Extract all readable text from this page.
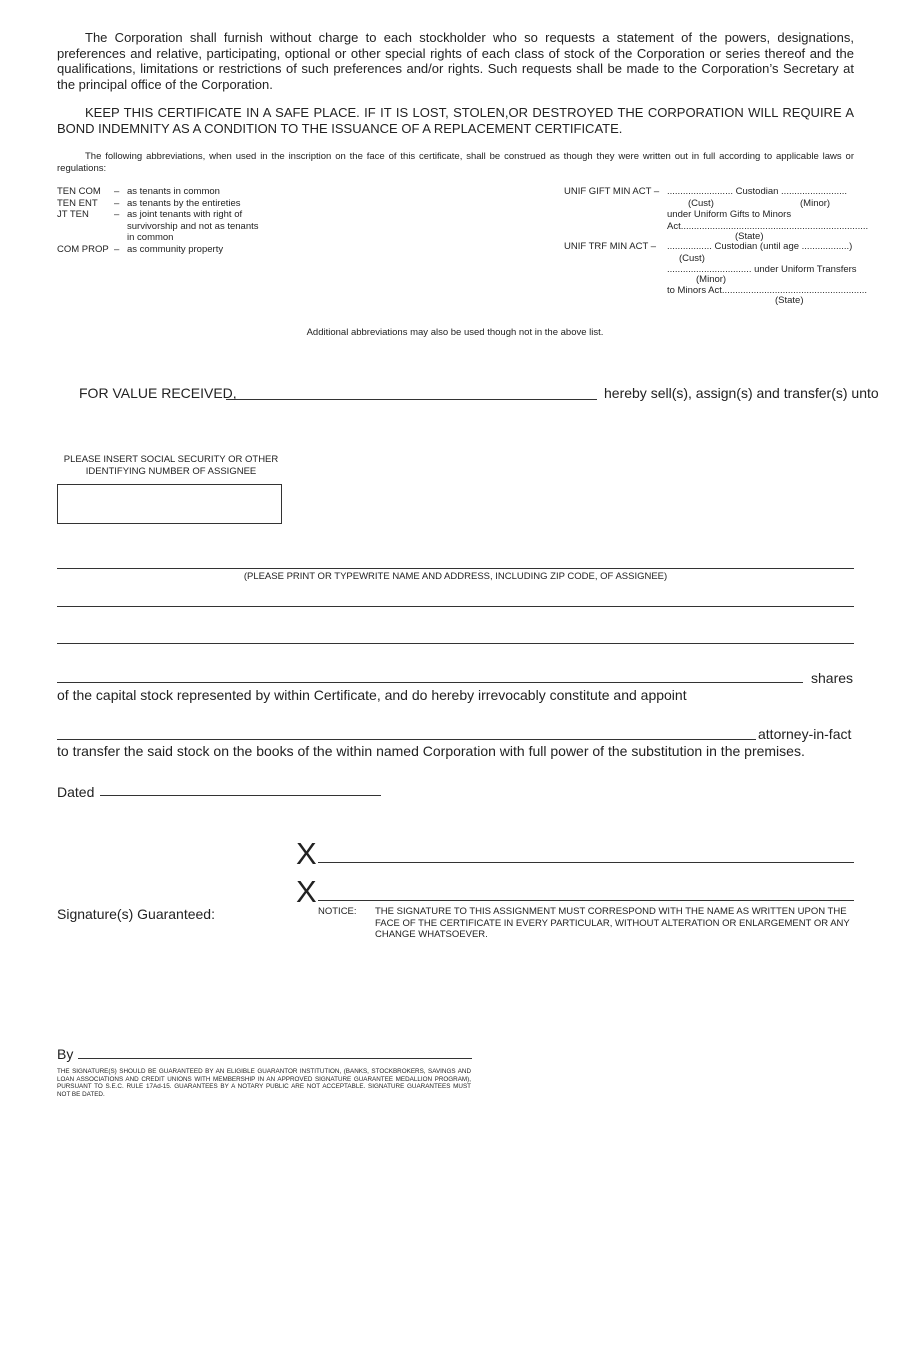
The Corporation shall furnish without charge to each stockholder who so requests a statement of the powers, designations, preferences and relative, participating, optional or other special rights of each class of stock of the Corporation or series thereof and the qualifications, limitations or restrictions of such preferences and/or rights. Such requests shall be made to the Corporation’s Secretary at the principal office of the Corporation.
KEEP THIS CERTIFICATE IN A SAFE PLACE. IF IT IS LOST, STOLEN,OR DESTROYED THE CORPORATION WILL REQUIRE A BOND INDEMNITY AS A CONDITION TO THE ISSUANCE OF A REPLACEMENT CERTIFICATE.
The following abbreviations, when used in the inscription on the face of this certificate, shall be construed as though they were written out in full according to applicable laws or regulations:
TEN COM – as tenants in common
TEN ENT – as tenants by the entireties
JT TEN	– as joint tenants with right of
survivorship and not as tenants
in common
COM PROP – as community property
UNIF GIFT MIN ACT – ......................... Custodian .........................
(Cust)	(Minor)
under Uniform Gifts to Minors
Act.......................................................................
(State)
UNIF TRF MIN ACT – ................. Custodian (until age ..................)
(Cust)
................................ under Uniform Transfers
(Minor)
to Minors Act.......................................................
(State)
Additional abbreviations may also be used though not in the above list.
FOR VALUE RECEIVED,	hereby sell(s), assign(s) and transfer(s) unto
PLEASE INSERT SOCIAL SECURITY OR OTHER
IDENTIFYING NUMBER OF ASSIGNEE
(PLEASE PRINT OR TYPEWRITE NAME AND ADDRESS, INCLUDING ZIP CODE, OF ASSIGNEE)
shares
of the capital stock represented by within Certificate, and do hereby irrevocably constitute and appoint
attorney-in-fact
to transfer the said stock on the books of the within named Corporation with full power of the substitution in the premises.
Dated
X
X
Signature(s) Guaranteed:	NOTICE: THE SIGNATURE TO THIS ASSIGNMENT MUST CORRESPOND WITH THE NAME AS WRITTEN UPON THE FACE OF THE CERTIFICATE IN EVERY PARTICULAR, WITHOUT ALTERATION OR ENLARGEMENT OR ANY CHANGE WHATSOEVER.
By
THE SIGNATURE(S) SHOULD BE GUARANTEED BY AN ELIGIBLE GUARANTOR INSTITUTION, (BANKS, STOCKBROKERS, SAVINGS AND LOAN ASSOCIATIONS AND CREDIT UNIONS WITH MEMBERSHIP IN AN APPROVED SIGNATURE GUARANTEE MEDALLION PROGRAM), PURSUANT TO S.E.C. RULE 17Ad-15. GUARANTEES BY A NOTARY PUBLIC ARE NOT ACCEPTABLE. SIGNATURE GUARANTEES MUST NOT BE DATED.
